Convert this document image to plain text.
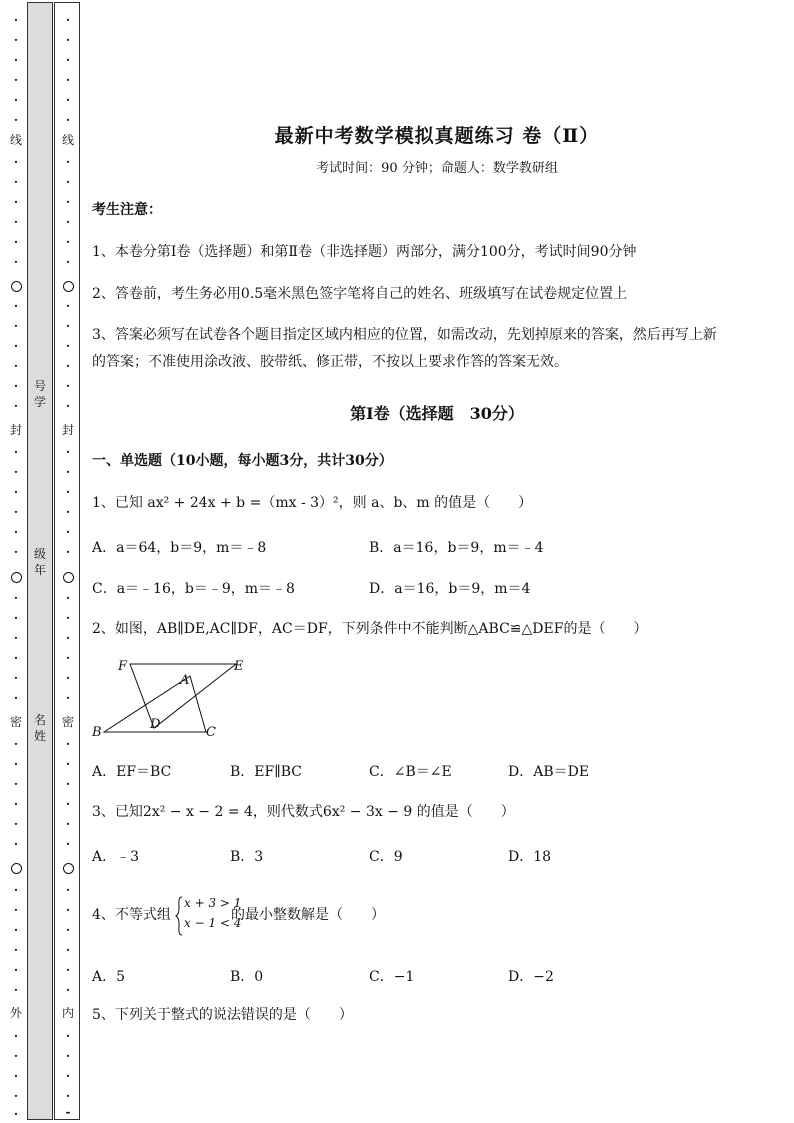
·
·
·
·
·
·
线
·
·
·
·
·
·
·
·
·
·
·
·
封
·
·
·
·
·
·
·
·
·
·
·
·
密
·
·
·
·
·
·
·
·
·
·
·
·
外
·
·
·
·
·
·
·
·
·
·
·
线
·
·
·
·
·
·
·
·
·
·
·
·
封
·
·
·
·
·
·
·
·
·
·
·
·
密
·
·
·
·
·
·
·
·
·
·
·
·
内
·
·
·
·
-
号学
级年
名姓
最新中考数学模拟真题练习 卷（Ⅱ）
考试时间：90 分钟；命题人：数学教研组
考生注意：
1、本卷分第Ⅰ卷（选择题）和第Ⅱ卷（非选择题）两部分，满分100分，考试时间90分钟
2、答卷前，考生务必用0.5毫米黑色签字笔将自己的姓名、班级填写在试卷规定位置上
3、答案必须写在试卷各个题目指定区域内相应的位置，如需改动，先划掉原来的答案，然后再写上新
的答案；不准使用涂改液、胶带纸、修正带，不按以上要求作答的答案无效。
第Ⅰ卷（选择题　30分）
一、单选题（10小题，每小题3分，共计30分）
1、已知 ax² + 24x + b =（mx - 3）²，则 a、b、m 的值是（　　）
A．a＝64，b＝9，m＝﹣8	B．a＝16，b＝9，m＝﹣4
C．a＝﹣16，b＝﹣9，m＝﹣8	D．a＝16，b＝9，m＝4
2、如图，AB∥DE,AC∥DF，AC＝DF，下列条件中不能判断△ABC≌△DEF的是（　　）
F	E
A
D
B	C
A．EF＝BC	B．EF∥BC	C．∠B＝∠E	D．AB＝DE
3、已知2x² − x − 2 = 4，则代数式6x² − 3x − 9 的值是（　　）
A．﹣3	B．3	C．9	D．18
4、不等式组
x + 3 > 1
x − 1 < 4
的最小整数解是（　　）
A．5	B．0	C．−1	D．−2
5、下列关于整式的说法错误的是（　　）
